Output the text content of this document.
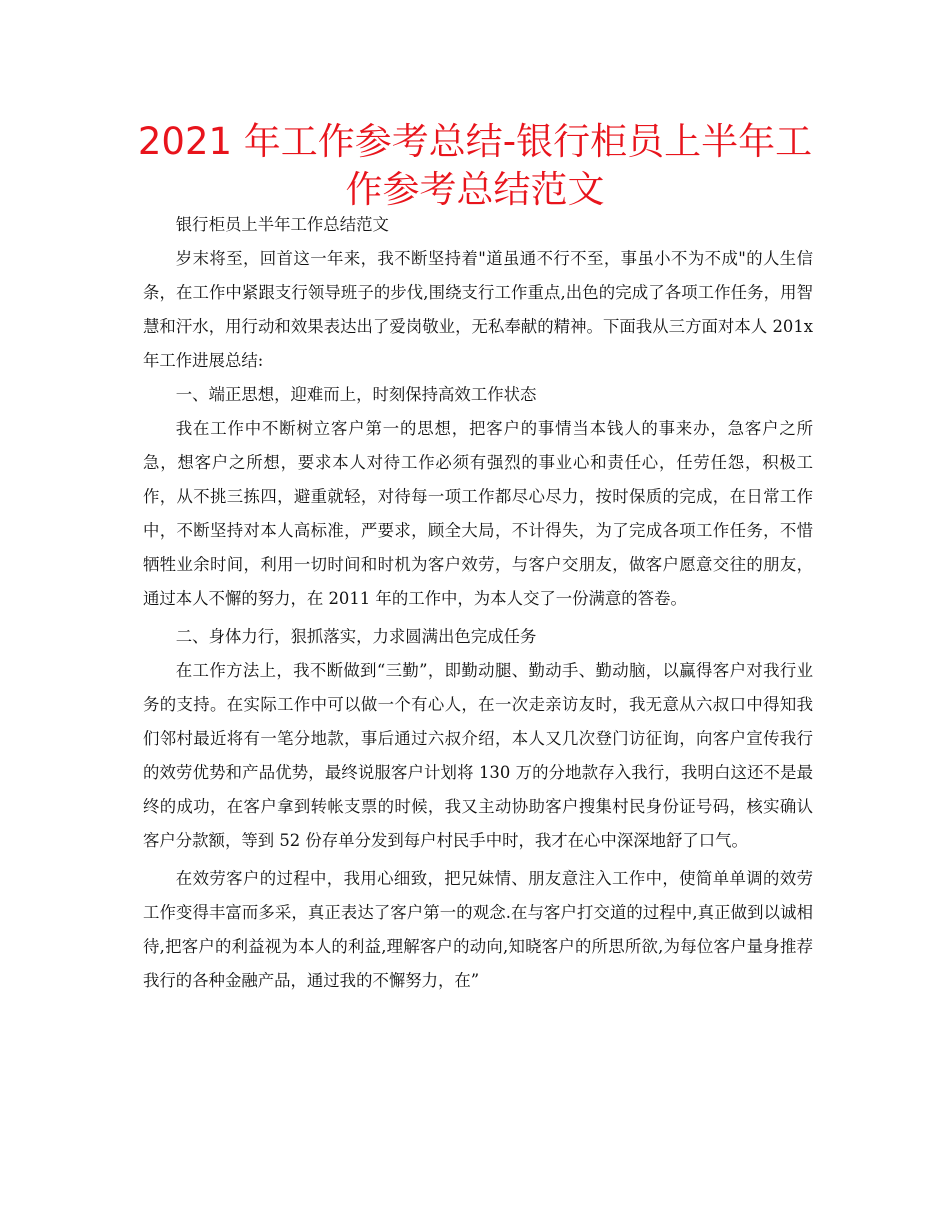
2021 年工作参考总结-银行柜员上半年工作参考总结范文

银行柜员上半年工作总结范文

岁末将至，回首这一年来，我不断坚持着"道虽通不行不至，事虽小不为不成"的人生信条，在工作中紧跟支行领导班子的步伐,围绕支行工作重点,出色的完成了各项工作任务，用智慧和汗水，用行动和效果表达出了爱岗敬业，无私奉献的精神。下面我从三方面对本人 201x 年工作进展总结:

一、端正思想，迎难而上，时刻保持高效工作状态

我在工作中不断树立客户第一的思想，把客户的事情当本钱人的事来办，急客户之所急，想客户之所想，要求本人对待工作必须有强烈的事业心和责任心，任劳任怨，积极工作，从不挑三拣四，避重就轻，对待每一项工作都尽心尽力，按时保质的完成，在日常工作中，不断坚持对本人高标准，严要求，顾全大局，不计得失，为了完成各项工作任务，不惜牺牲业余时间，利用一切时间和时机为客户效劳，与客户交朋友，做客户愿意交往的朋友，通过本人不懈的努力，在 2011 年的工作中，为本人交了一份满意的答卷。

二、身体力行，狠抓落实，力求圆满出色完成任务

在工作方法上，我不断做到“三勤”，即勤动腿、勤动手、勤动脑，以赢得客户对我行业务的支持。在实际工作中可以做一个有心人，在一次走亲访友时，我无意从六叔口中得知我们邻村最近将有一笔分地款，事后通过六叔介绍，本人又几次登门访征询，向客户宣传我行的效劳优势和产品优势，最终说服客户计划将 130 万的分地款存入我行，我明白这还不是最终的成功，在客户拿到转帐支票的时候，我又主动协助客户搜集村民身份证号码，核实确认客户分款额，等到 52 份存单分发到每户村民手中时，我才在心中深深地舒了口气。

在效劳客户的过程中，我用心细致，把兄妹情、朋友意注入工作中，使简单单调的效劳工作变得丰富而多采，真正表达了客户第一的观念.在与客户打交道的过程中,真正做到以诚相待,把客户的利益视为本人的利益,理解客户的动向,知晓客户的所思所欲,为每位客户量身推荐我行的各种金融产品，通过我的不懈努力，在”
